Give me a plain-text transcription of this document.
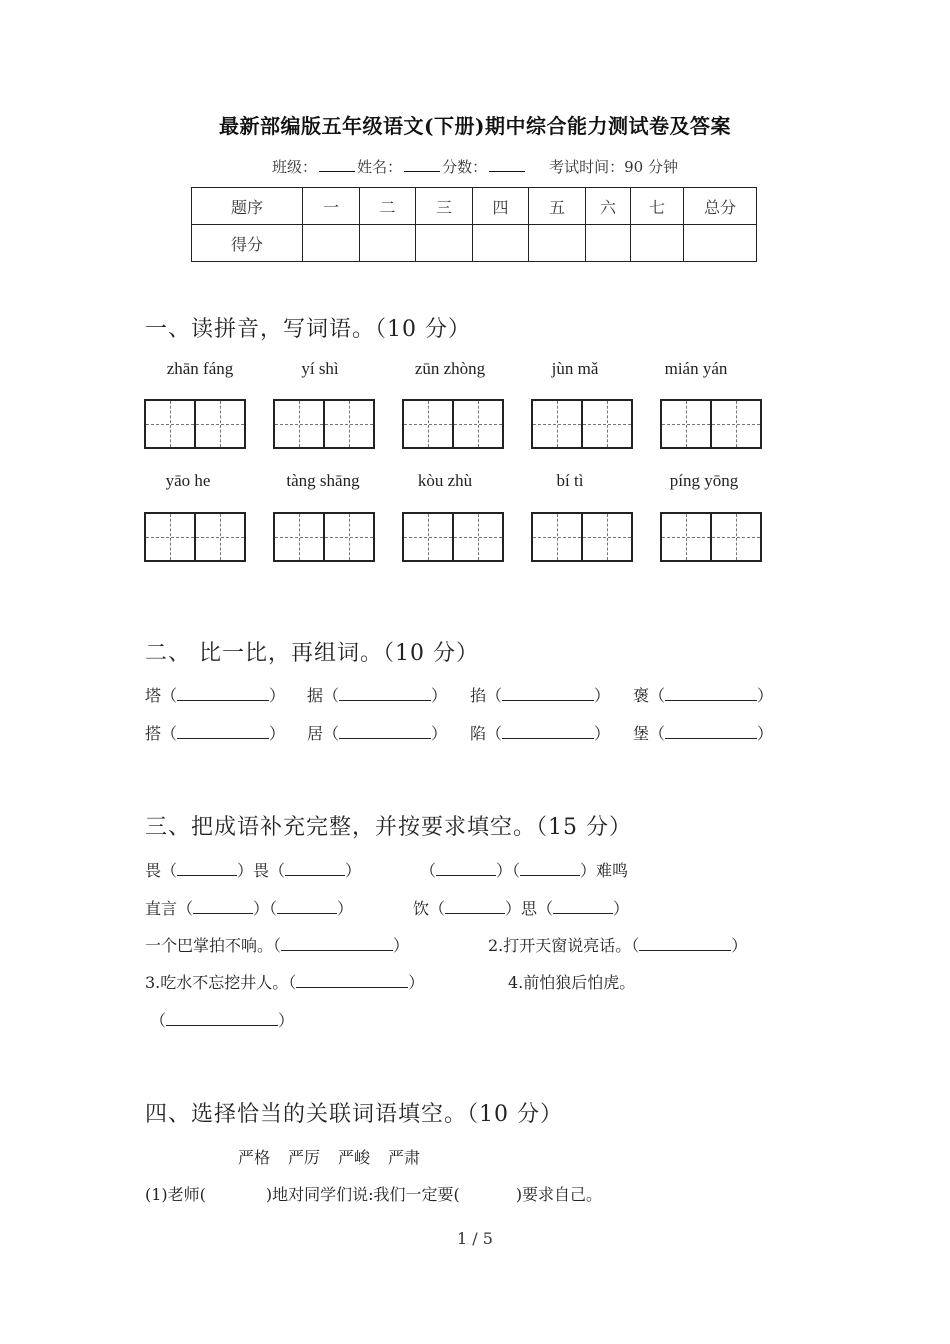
最新部编版五年级语文(下册)期中综合能力测试卷及答案
班级：	姓名：	分数：	考试时间：90 分钟
题序	一	二	三	四	五	六	七	总分
得分								
一、读拼音，写词语。（10 分）
zhān fáng	yí shì	zūn zhòng	jùn mǎ	mián yán
yāo he	tàng shāng	kòu zhù	bí tì	píng yōng
二、 比一比，再组词。（10 分）
塔（	） 据（	） 掐（	） 褒（	）
搭（	） 居（	） 陷（	） 堡（	）
三、把成语补充完整，并按要求填空。（15 分）
畏（	）畏（	）	（	）（	）难鸣
直言（	）（	）	饮（	）思（	）
一个巴掌拍不响。（	）	2.打开天窗说亮话。（	）
3.吃水不忘挖井人。（	）	4.前怕狼后怕虎。
（	）
四、选择恰当的关联词语填空。（10 分）
严格 严厉 严峻 严肃
(1)老师(	)地对同学们说:我们一定要(	)要求自己。
1 / 5
